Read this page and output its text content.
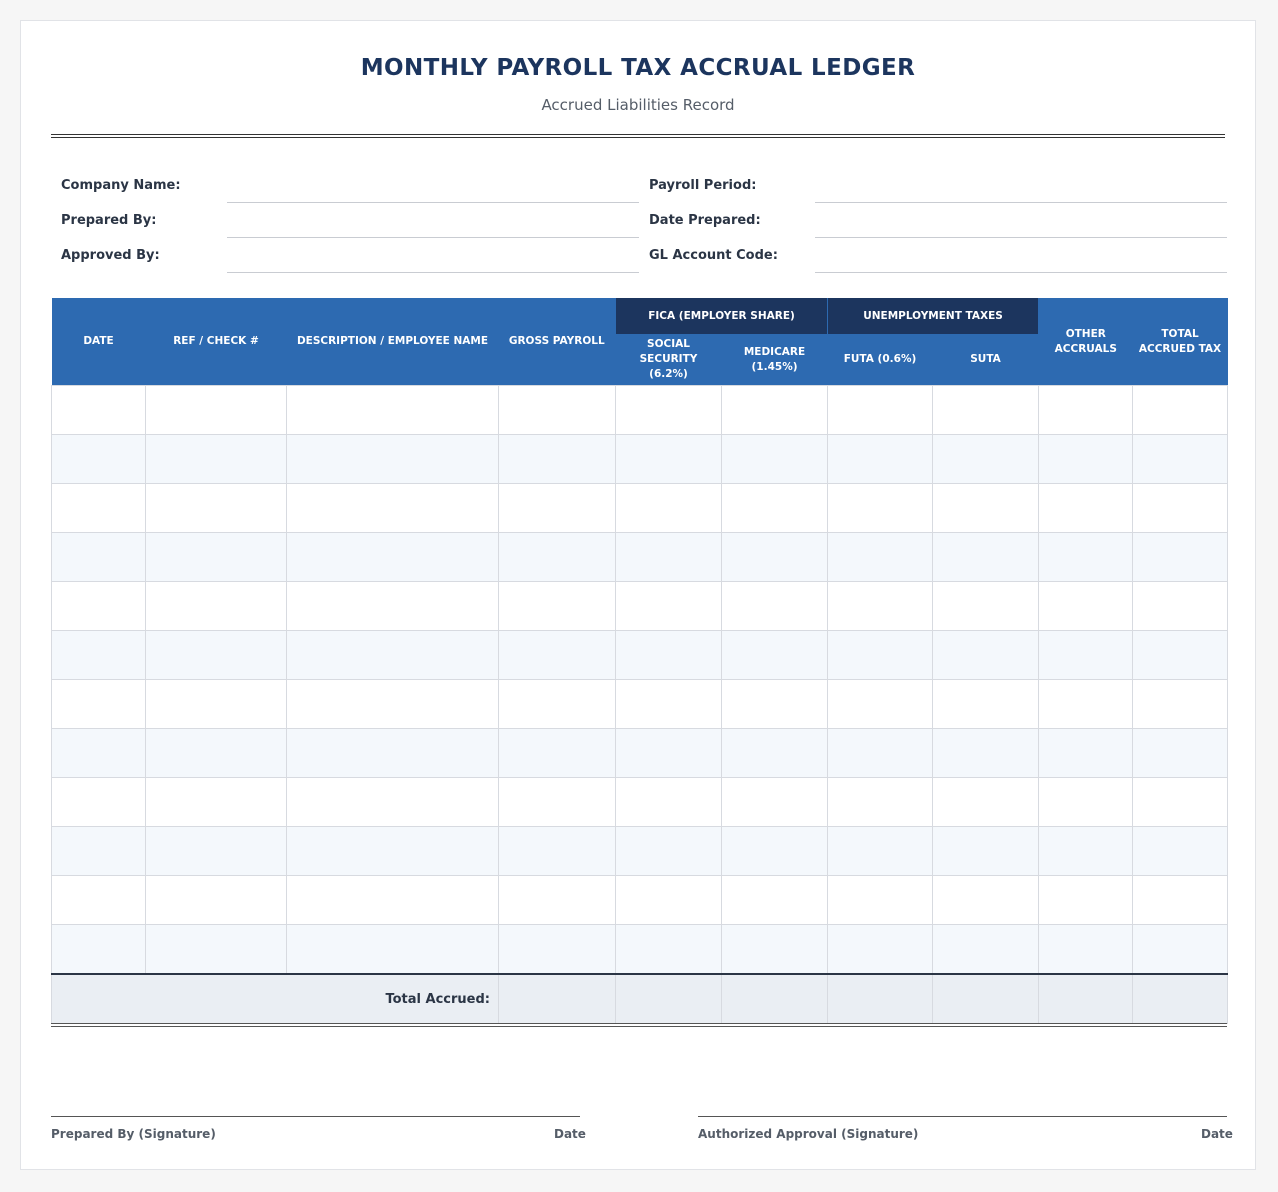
MONTHLY PAYROLL TAX ACCRUAL LEDGER
Accrued Liabilities Record
Company Name:
Prepared By:
Approved By:
Payroll Period:
Date Prepared:
GL Account Code:
DATE	REF / CHECK #	DESCRIPTION / EMPLOYEE NAME	GROSS PAYROLL	FICA (EMPLOYER SHARE)		UNEMPLOYMENT TAXES		OTHER ACCRUALS	TOTAL ACCRUED TAX
				SOCIAL SECURITY (6.2%)	MEDICARE (1.45%)	FUTA (0.6%)	SUTA		

Total Accrued:									
Prepared By (Signature)	Date	Authorized Approval (Signature)	Date
